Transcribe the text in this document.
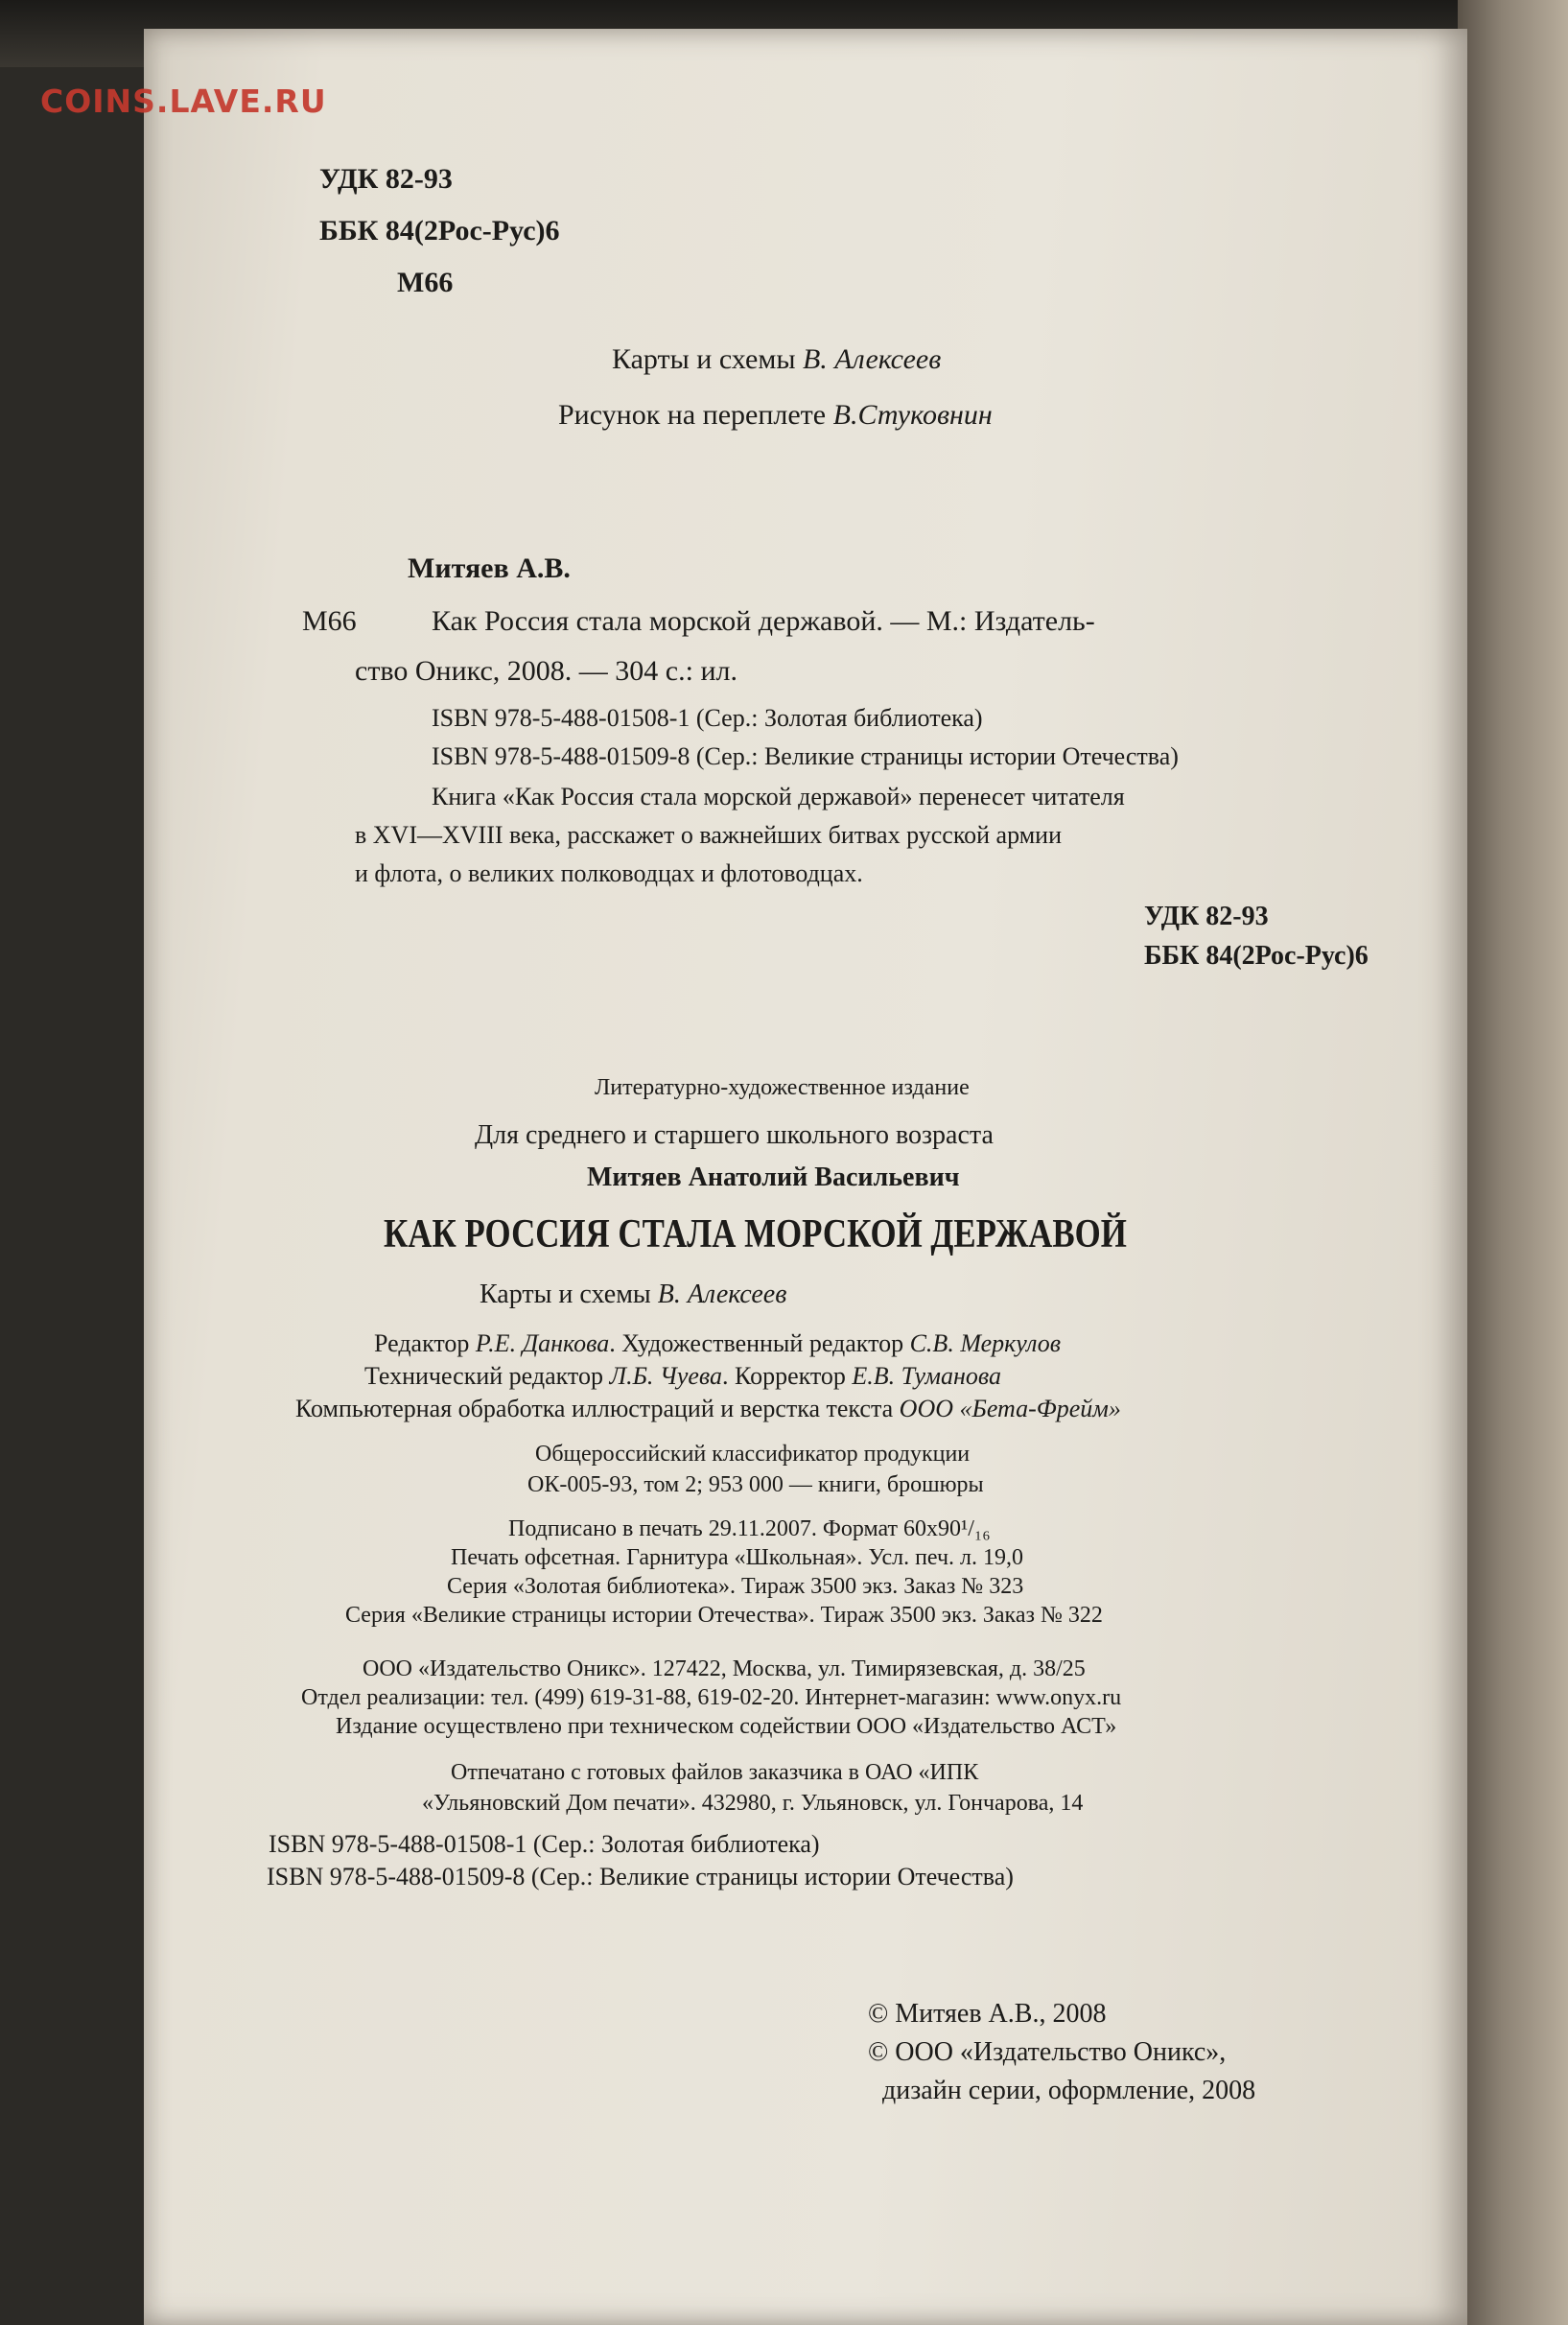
УДК 82-93
ББК 84(2Рос-Рус)6
М66
Карты и схемы В. Алексеев
Рисунок на переплете В.Стуковнин
Митяев А.В.
М66	Как Россия стала морской державой. — М.: Издатель-
ство Оникс, 2008. — 304 с.: ил.
ISBN 978-5-488-01508-1 (Сер.: Золотая библиотека)
ISBN 978-5-488-01509-8 (Сер.: Великие страницы истории Отечества)
Книга «Как Россия стала морской державой» перенесет читателя
в XVI—XVIII века, расскажет о важнейших битвах русской армии
и флота, о великих полководцах и флотоводцах.
УДК 82-93
ББК 84(2Рос-Рус)6
Литературно-художественное издание
Для среднего и старшего школьного возраста
Митяев Анатолий Васильевич
КАК РОССИЯ СТАЛА МОРСКОЙ ДЕРЖАВОЙ
Карты и схемы В. Алексеев
Редактор Р.Е. Данкова. Художественный редактор С.В. Меркулов
Технический редактор Л.Б. Чуева. Корректор Е.В. Туманова
Компьютерная обработка иллюстраций и верстка текста ООО «Бета-Фрейм»
Общероссийский классификатор продукции
ОК-005-93, том 2; 953 000 — книги, брошюры
Подписано в печать 29.11.2007. Формат 60х90¹/₁₆
Печать офсетная. Гарнитура «Школьная». Усл. печ. л. 19,0
Серия «Золотая библиотека». Тираж 3500 экз. Заказ № 323
Серия «Великие страницы истории Отечества». Тираж 3500 экз. Заказ № 322
ООО «Издательство Оникс». 127422, Москва, ул. Тимирязевская, д. 38/25
Отдел реализации: тел. (499) 619-31-88, 619-02-20. Интернет-магазин: www.onyx.ru
Издание осуществлено при техническом содействии ООО «Издательство АСТ»
Отпечатано с готовых файлов заказчика в ОАО «ИПК
«Ульяновский Дом печати». 432980, г. Ульяновск, ул. Гончарова, 14
ISBN 978-5-488-01508-1 (Сер.: Золотая библиотека)
ISBN 978-5-488-01509-8 (Сер.: Великие страницы истории Отечества)
© Митяев А.В., 2008
© ООО «Издательство Оникс»,
дизайн серии, оформление, 2008
COINS.LAVE.RU
